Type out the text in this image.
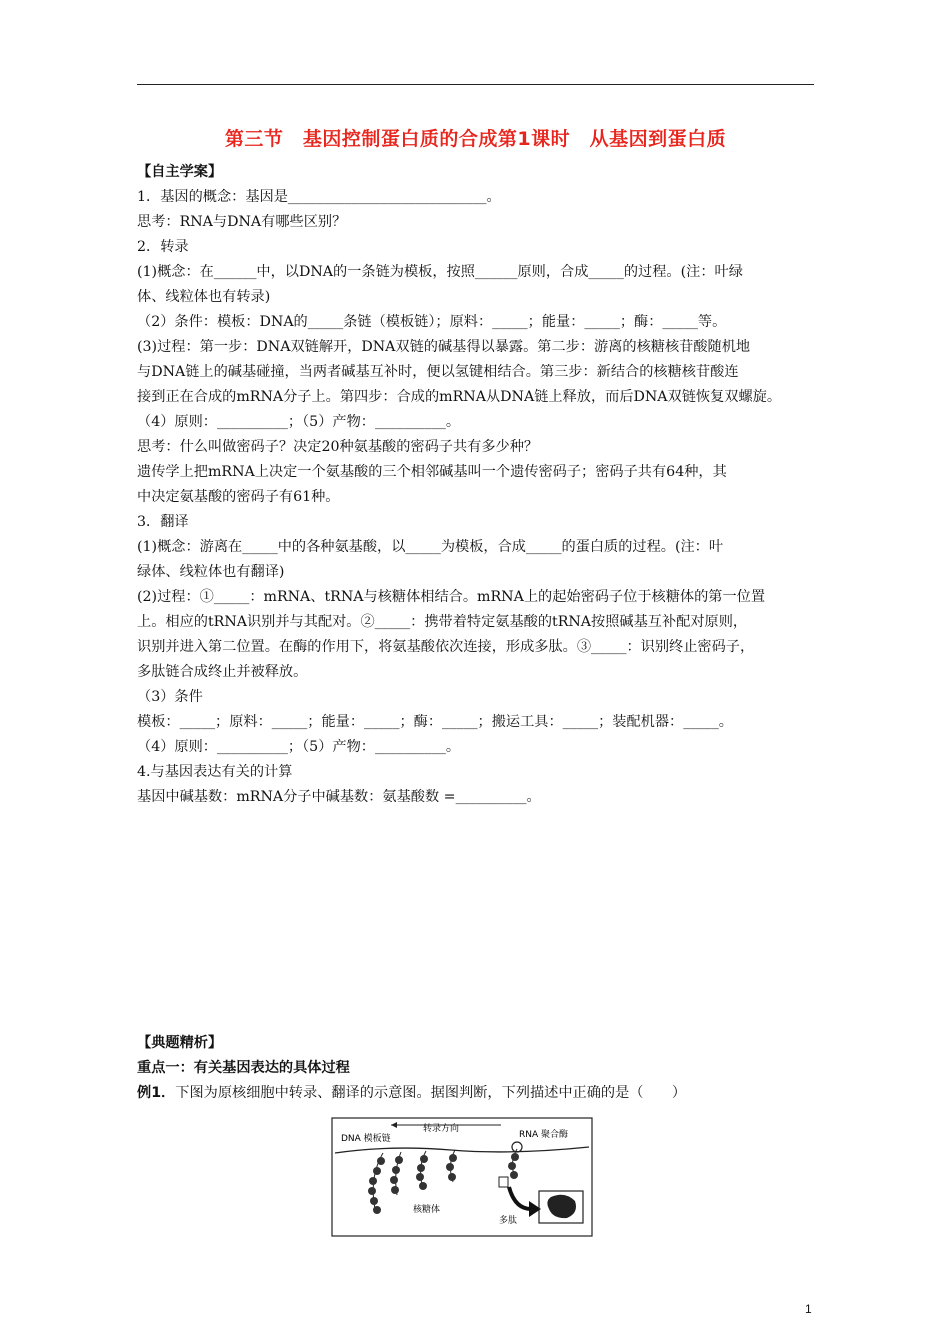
第三节　基因控制蛋白质的合成第1课时　从基因到蛋白质
【自主学案】
1．基因的概念：基因是____________________________。
思考：RNA与DNA有哪些区别？
2．转录
(1)概念：在______中，以DNA的一条链为模板，按照______原则，合成_____的过程。(注：叶绿
体、线粒体也有转录)
（2）条件：模板：DNA的_____条链（模板链）；原料：_____；能量：_____；酶：_____等。
(3)过程：第一步：DNA双链解开，DNA双链的碱基得以暴露。第二步：游离的核糖核苷酸随机地
与DNA链上的碱基碰撞，当两者碱基互补时，便以氢键相结合。第三步：新结合的核糖核苷酸连
接到正在合成的mRNA分子上。第四步：合成的mRNA从DNA链上释放，而后DNA双链恢复双螺旋。
（4）原则：__________；（5）产物：__________。
思考：什么叫做密码子？决定20种氨基酸的密码子共有多少种？
遗传学上把mRNA上决定一个氨基酸的三个相邻碱基叫一个遗传密码子；密码子共有64种，其
中决定氨基酸的密码子有61种。
3．翻译
(1)概念：游离在_____中的各种氨基酸，以_____为模板，合成_____的蛋白质的过程。(注：叶
绿体、线粒体也有翻译)
(2)过程：①_____：mRNA、tRNA与核糖体相结合。mRNA上的起始密码子位于核糖体的第一位置
上。相应的tRNA识别并与其配对。②_____：携带着特定氨基酸的tRNA按照碱基互补配对原则，
识别并进入第二位置。在酶的作用下，将氨基酸依次连接，形成多肽。③_____：识别终止密码子，
多肽链合成终止并被释放。
（3）条件
模板：_____；原料：_____；能量：_____；酶：_____；搬运工具：_____；装配机器：_____。
（4）原则：__________；（5）产物：__________。
4.与基因表达有关的计算
基因中碱基数：mRNA分子中碱基数：氨基酸数 =__________。
【典题精析】
重点一：有关基因表达的具体过程
例1．下图为原核细胞中转录、翻译的示意图。据图判断，下列描述中正确的是（　　）
转录方向
DNA 模板链	RNA 聚合酶
核糖体
多肽
1
